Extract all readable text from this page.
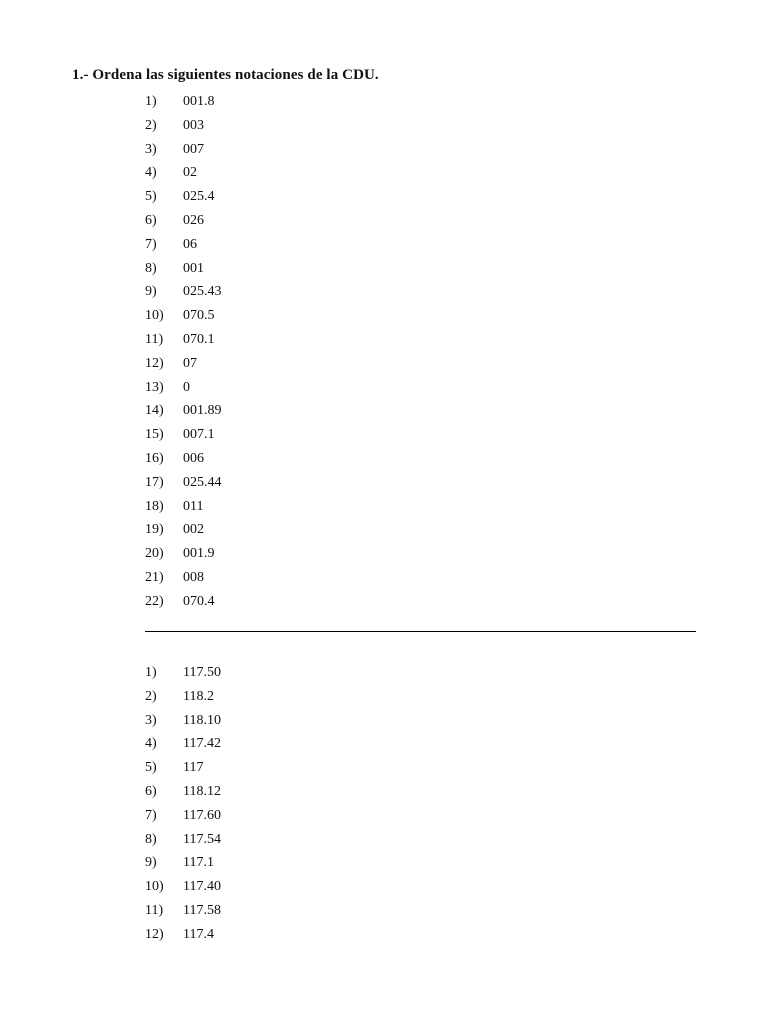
1.- Ordena las siguientes notaciones de la CDU.
1) 001.8
2) 003
3) 007
4) 02
5) 025.4
6) 026
7) 06
8) 001
9) 025.43
10) 070.5
11) 070.1
12) 07
13) 0
14) 001.89
15) 007.1
16) 006
17) 025.44
18) 011
19) 002
20) 001.9
21) 008
22) 070.4
1) 117.50
2) 118.2
3) 118.10
4) 117.42
5) 117
6) 118.12
7) 117.60
8) 117.54
9) 117.1
10) 117.40
11) 117.58
12) 117.4
